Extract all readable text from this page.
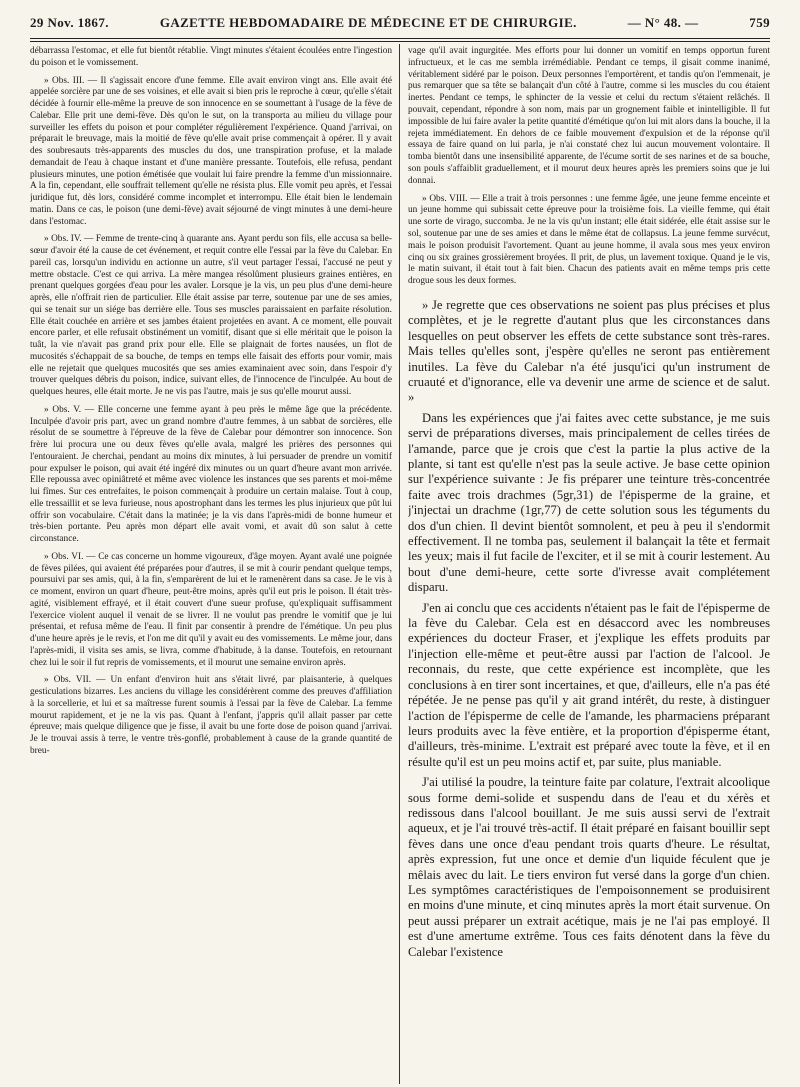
29 Nov. 1867.	GAZETTE HEBDOMADAIRE DE MÉDECINE ET DE CHIRURGIE.	— N° 48. —	759

débarrassa l'estomac, et elle fut bientôt rétablie. Vingt minutes s'étaient écoulées entre l'ingestion du poison et le vomissement.

» Obs. III. — Il s'agissait encore d'une femme. Elle avait environ vingt ans. Elle avait été appelée sorcière par une de ses voisines, et elle avait si bien pris le reproche à cœur, qu'elle s'était décidée à fournir elle-même la preuve de son innocence en se soumettant à l'usage de la fève de Calebar. Elle prit une demi-fève. Dès qu'on le sut, on la transporta au milieu du village pour surveiller les effets du poison et pour compléter régulièrement l'expérience. Quand j'arrivai, on préparait le breuvage, mais la moitié de fève qu'elle avait prise commençait à opérer. Il y avait des soubresauts très-apparents des muscles du dos, une transpiration profuse, et la malade demandait de l'eau à chaque instant et d'une manière pressante. Toutefois, elle refusa, pendant plusieurs minutes, une potion émétisée que voulait lui faire prendre la femme d'un missionnaire. A la fin, cependant, elle souffrait tellement qu'elle ne résista plus. Elle vomit peu après, et l'essai juridique fut, dès lors, considéré comme incomplet et interrompu. Elle était bien le lendemain matin. Dans ce cas, le poison (une demi-fève) avait séjourné de vingt minutes à une demi-heure dans l'estomac.

» Obs. IV. — Femme de trente-cinq à quarante ans. Ayant perdu son fils, elle accusa sa belle-sœur d'avoir été la cause de cet événement, et requit contre elle l'essai par la fève du Calebar. En pareil cas, lorsqu'un individu en actionne un autre, s'il veut partager l'essai, l'accusé ne peut y mettre obstacle. C'est ce qui arriva. La mère mangea résolûment plusieurs graines entières, en prenant quelques gorgées d'eau pour les avaler. Lorsque je la vis, un peu plus d'une demi-heure après, elle n'offrait rien de particulier. Elle était assise par terre, soutenue par une de ses amies, qui se tenait sur un siége bas derrière elle. Tous ses muscles paraissaient en parfaite résolution. Elle était couchée en arrière et ses jambes étaient projetées en avant. A ce moment, elle pouvait encore parler, et elle refusait obstinément un vomitif, disant que si elle méritait que le poison la tuât, la vie n'avait pas grand prix pour elle. Elle se plaignait de fortes nausées, un flot de mucosités s'échappait de sa bouche, de temps en temps elle faisait des efforts pour vomir, mais elle ne rejetait que quelques mucosités que ses amies examinaient avec soin, dans l'espoir d'y trouver quelques débris du poison, indice, suivant elles, de l'innocence de l'inculpée. Au bout de quelques heures, elle était morte. Je ne vis pas l'autre, mais je sus qu'elle mourut aussi.

» Obs. V. — Elle concerne une femme ayant à peu près le même âge que la précédente. Inculpée d'avoir pris part, avec un grand nombre d'autre femmes, à un sabbat de sorcières, elle résolut de se soumettre à l'épreuve de la fève de Calebar pour démontrer son innocence. Son frère lui procura une ou deux fèves qu'elle avala, malgré les prières des personnes qui l'entouraient. Je cherchai, pendant au moins dix minutes, à lui persuader de prendre un vomitif pour expulser le poison, qui avait été ingéré dix minutes ou un quart d'heure avant mon arrivée. Elle repoussa avec opiniâtreté et même avec violence les instances que ses parents et moi-même lui fîmes. Sur ces entrefaites, le poison commençait à produire un certain malaise. Tout à coup, elle tressaillit et se leva furieuse, nous apostrophant dans les termes les plus injurieux que pût lui offrir son vocabulaire. C'était dans la matinée; je la vis dans l'après-midi de bonne humeur et très-bien portante. Peu après mon départ elle avait vomi, et avait dû son salut à cette circonstance.

» Obs. VI. — Ce cas concerne un homme vigoureux, d'âge moyen. Ayant avalé une poignée de fèves pilées, qui avaient été préparées pour d'autres, il se mit à courir pendant quelque temps, poursuivi par ses amis, qui, à la fin, s'emparèrent de lui et le ramenèrent dans sa case. Je le vis à ce moment, environ un quart d'heure, peut-être moins, après qu'il eut pris le poison. Il était très-agité, visiblement effrayé, et il était couvert d'une sueur profuse, qu'expliquait suffisamment l'exercice violent auquel il venait de se livrer. Il ne voulut pas prendre le vomitif que je lui présentai, et refusa même de l'eau. Il finit par consentir à prendre de l'émétique. Un peu plus d'une heure après je le revis, et l'on me dit qu'il y avait eu des vomissements. Le même jour, dans l'après-midi, il visita ses amis, se livra, comme d'habitude, à la danse. Toutefois, en retournant chez lui le soir il fut repris de vomissements, et il mourut une semaine environ après.

» Obs. VII. — Un enfant d'environ huit ans s'était livré, par plaisanterie, à quelques gesticulations bizarres. Les anciens du village les considérèrent comme des preuves d'affiliation à la sorcellerie, et lui et sa maîtresse furent soumis à l'essai par la fève de Calebar. La femme mourut rapidement, et je ne la vis pas. Quant à l'enfant, j'appris qu'il allait passer par cette épreuve; mais quelque diligence que je fisse, il avait bu une forte dose de poison quand j'arrivai. Je le trouvai assis à terre, le ventre très-gonflé, probablement à cause de la grande quantité de breu-

vage qu'il avait ingurgitée. Mes efforts pour lui donner un vomitif en temps opportun furent infructueux, et le cas me sembla irrémédiable. Pendant ce temps, il gisait comme inanimé, véritablement sidéré par le poison. Deux personnes l'emportèrent, et tandis qu'on l'emmenait, je pus remarquer que sa tête se balançait d'un côté à l'autre, comme si les muscles du cou étaient inertes. Pendant ce temps, le sphincter de la vessie et celui du rectum s'étaient relâchés. Il pouvait, cependant, répondre à son nom, mais par un grognement faible et inintelligible. Il fut impossible de lui faire avaler la petite quantité d'émétique qu'on lui mit alors dans la bouche, il la rejeta immédiatement. En dehors de ce faible mouvement d'expulsion et de la réponse qu'il essaya de faire quand on lui parla, je n'ai constaté chez lui aucun mouvement volontaire. Il tomba bientôt dans une insensibilité apparente, de l'écume sortit de ses narines et de sa bouche, son pouls s'affaiblit graduellement, et il mourut deux heures après les premiers soins que je lui donnai.

» Obs. VIII. — Elle a trait à trois personnes : une femme âgée, une jeune femme enceinte et un jeune homme qui subissait cette épreuve pour la troisième fois. La vieille femme, qui était une sorte de virago, succomba. Je ne la vis qu'un instant; elle était sidérée, elle était assise sur le sol, soutenue par une de ses amies et dans le même état de collapsus. La jeune femme survécut, mais le poison produisit l'avortement. Quant au jeune homme, il avala sous mes yeux environ cinq ou six graines grossièrement broyées. Il prit, de plus, un lavement toxique. Quand je le vis, le matin suivant, il était tout à fait bien. Chacun des patients avait en même temps pris cette drogue sous les deux formes.

» Je regrette que ces observations ne soient pas plus précises et plus complètes, et je le regrette d'autant plus que les circonstances dans lesquelles on peut observer les effets de cette substance sont très-rares. Mais telles qu'elles sont, j'espère qu'elles ne seront pas entièrement inutiles. La fève du Calebar n'a été jusqu'ici qu'un instrument de cruauté et d'ignorance, elle va devenir une arme de science et de salut. »

Dans les expériences que j'ai faites avec cette substance, je me suis servi de préparations diverses, mais principalement de celles tirées de l'amande, parce que je crois que c'est la partie la plus active de la plante, si tant est qu'elle n'est pas la seule active. Je base cette opinion sur l'expérience suivante : Je fis préparer une teinture très-concentrée faite avec trois drachmes (5gr,31) de l'épisperme de la graine, et j'injectai un drachme (1gr,77) de cette solution sous les téguments du dos d'un chien. Il devint bientôt somnolent, et peu à peu il s'endormit effectivement. Il ne tomba pas, seulement il balançait la tête et fermait les yeux; mais il fut facile de l'exciter, et il se mit à courir lestement. Au bout d'une demi-heure, cette sorte d'ivresse avait complétement disparu.

J'en ai conclu que ces accidents n'étaient pas le fait de l'épisperme de la fève du Calebar. Cela est en désaccord avec les nombreuses expériences du docteur Fraser, et j'explique les effets produits par l'injection elle-même et peut-être aussi par l'action de l'alcool. Je reconnais, du reste, que cette expérience est incomplète, que les conclusions à en tirer sont incertaines, et que, d'ailleurs, elle n'a pas été répétée. Je ne pense pas qu'il y ait grand intérêt, du reste, à distinguer l'action de l'épisperme de celle de l'amande, les pharmaciens préparant leurs produits avec la fève entière, et la proportion d'épisperme étant, d'ailleurs, très-minime. L'extrait est préparé avec toute la fève, et il en résulte qu'il est un peu moins actif et, par suite, plus maniable.

J'ai utilisé la poudre, la teinture faite par colature, l'extrait alcoolique sous forme demi-solide et suspendu dans de l'eau et du xérès et redissous dans l'alcool bouillant. Je me suis aussi servi de l'extrait aqueux, et je l'ai trouvé très-actif. Il était préparé en faisant bouillir sept fèves dans une once d'eau pendant trois quarts d'heure. Le résultat, après expression, fut une once et demie d'un liquide féculent que je mêlais avec du lait. Le tiers environ fut versé dans la gorge d'un chien. Les symptômes caractéristiques de l'empoisonnement se produisirent en moins d'une minute, et cinq minutes après la mort était survenue. On peut aussi préparer un extrait acétique, mais je ne l'ai pas employé. Il est d'une amertume extrême. Tous ces faits dénotent dans la fève du Calebar l'existence
